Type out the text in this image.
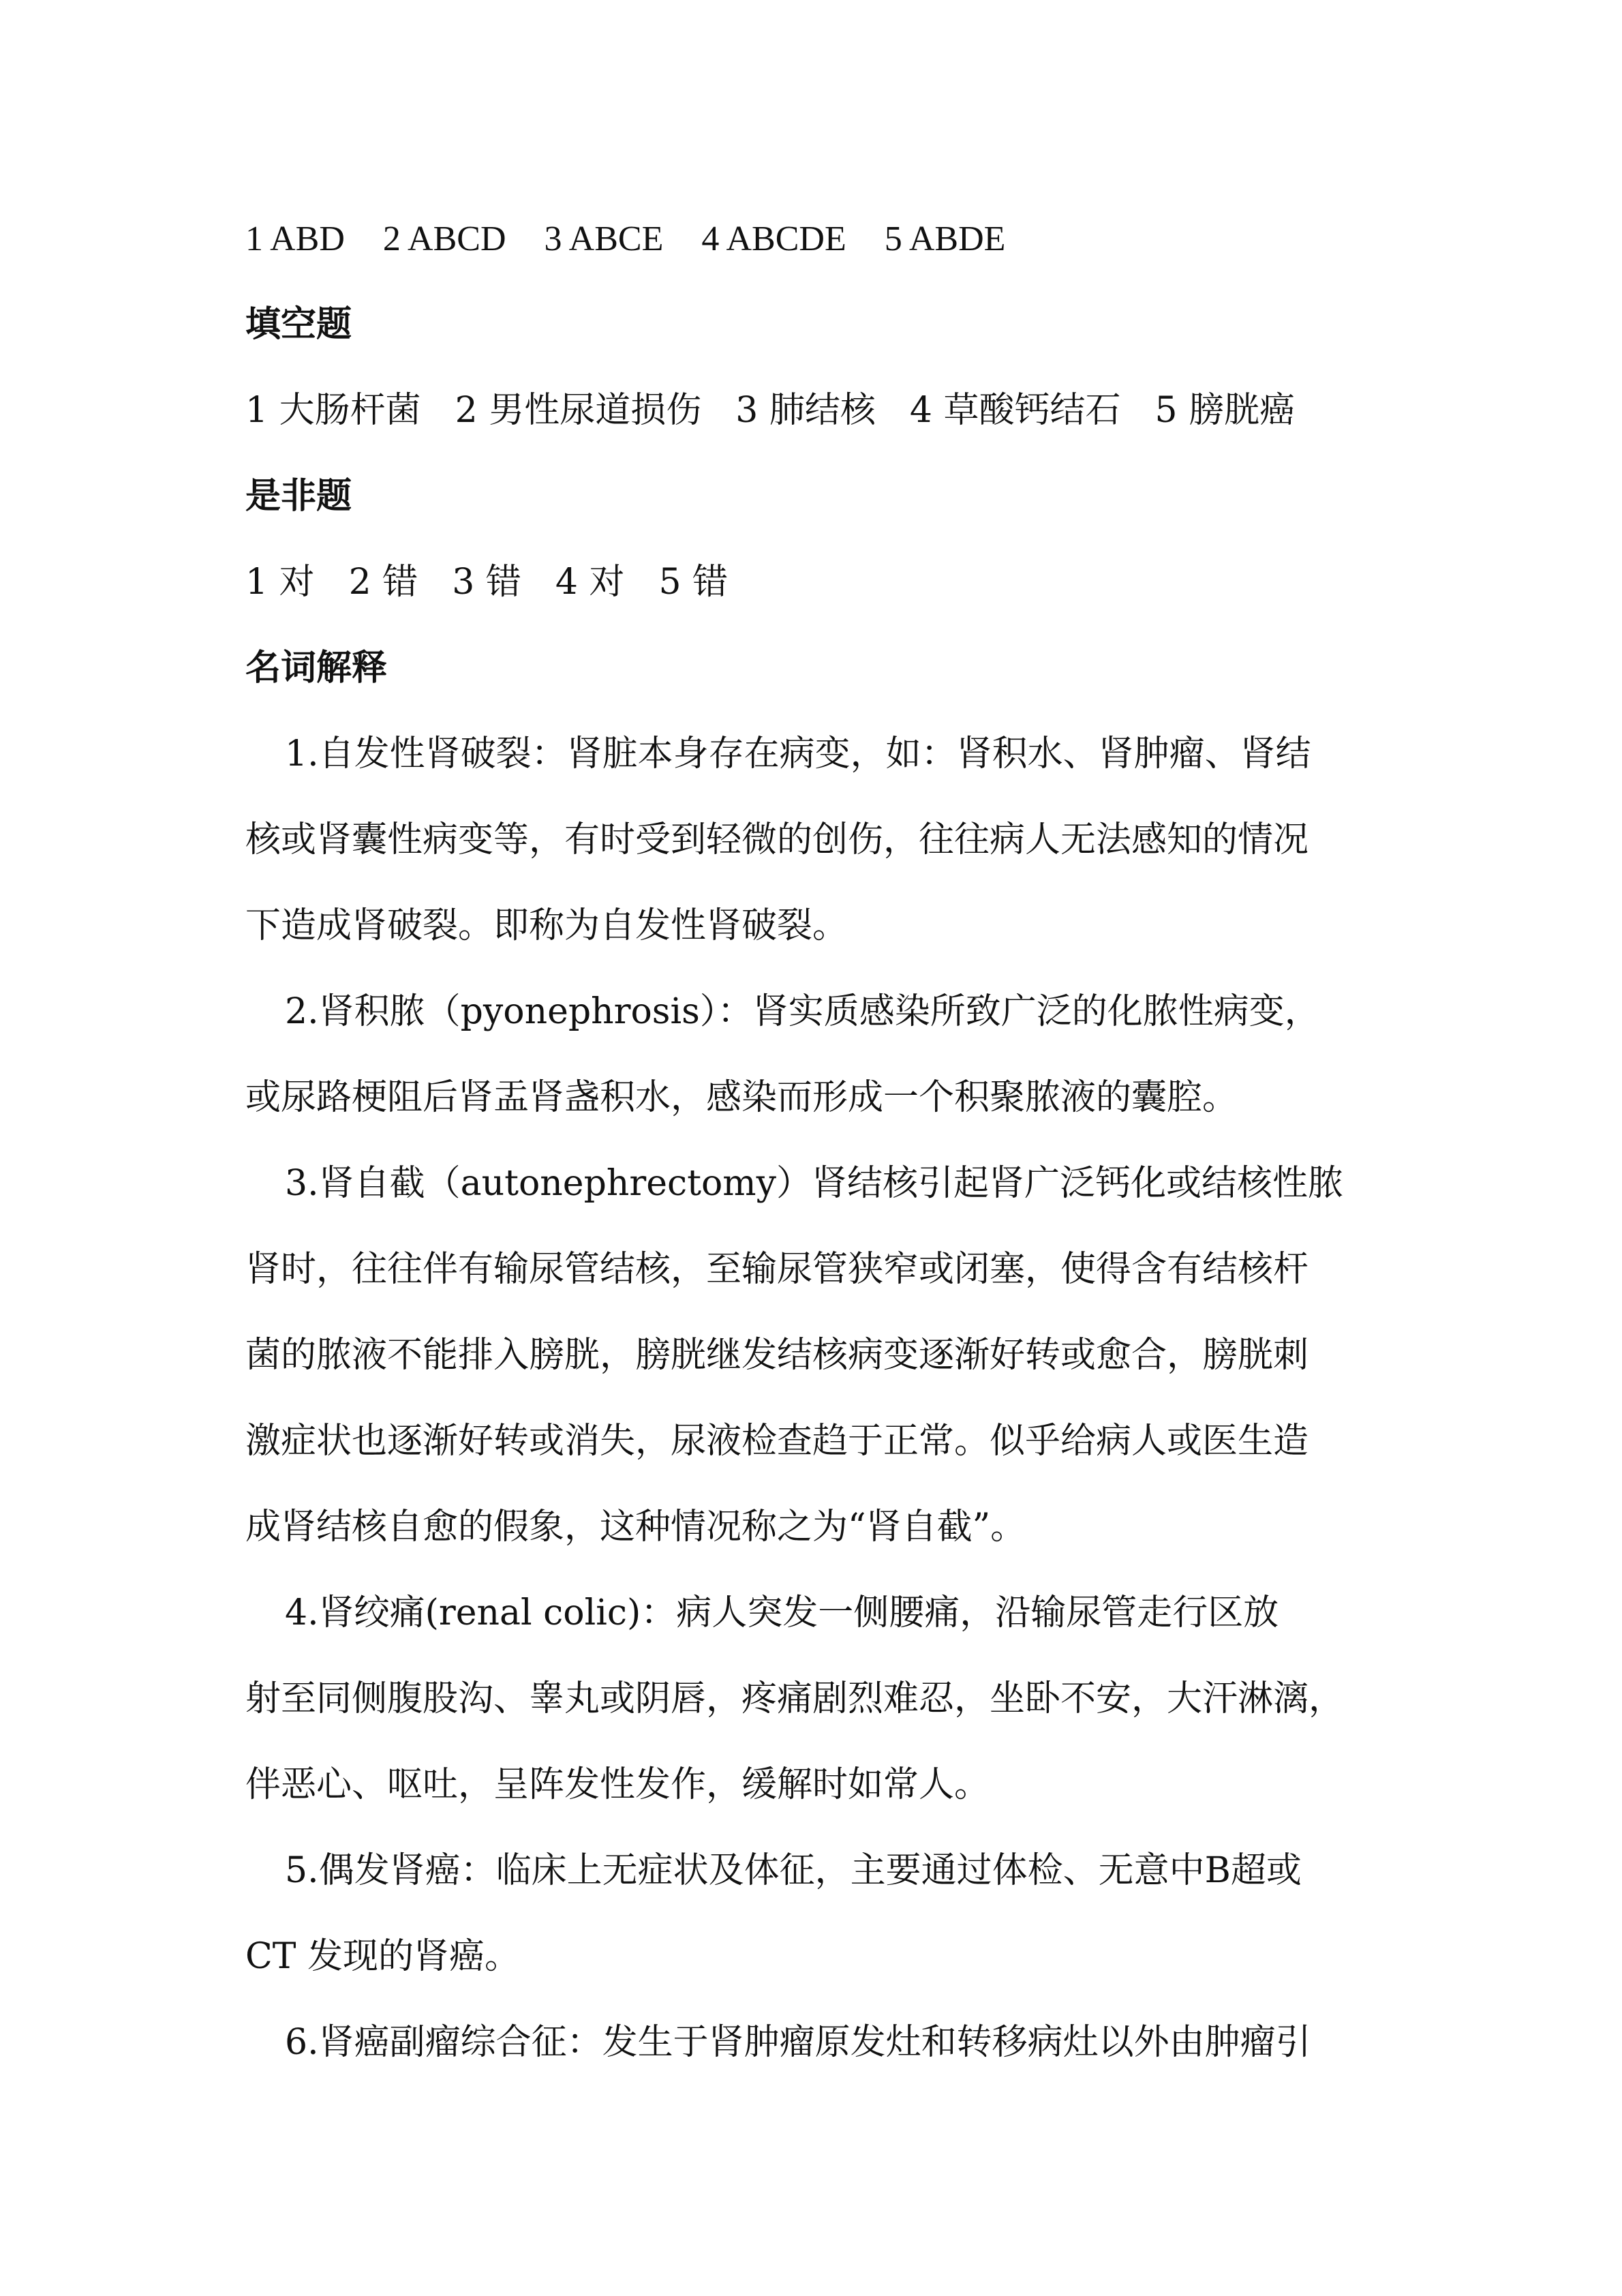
1 ABD 2 ABCD 3 ABCE 4 ABCDE 5 ABDE
填空题
1 大肠杆菌 2 男性尿道损伤 3 肺结核 4 草酸钙结石 5 膀胱癌
是非题
1 对 2 错 3 错 4 对 5 错
名词解释
1.自发性肾破裂：肾脏本身存在病变，如：肾积水、肾肿瘤、肾结
核或肾囊性病变等，有时受到轻微的创伤，往往病人无法感知的情况
下造成肾破裂。即称为自发性肾破裂。
2.肾积脓（pyonephrosis）：肾实质感染所致广泛的化脓性病变，
或尿路梗阻后肾盂肾盏积水，感染而形成一个积聚脓液的囊腔。
3.肾自截（autonephrectomy）肾结核引起肾广泛钙化或结核性脓
肾时，往往伴有输尿管结核，至输尿管狭窄或闭塞，使得含有结核杆
菌的脓液不能排入膀胱，膀胱继发结核病变逐渐好转或愈合，膀胱刺
激症状也逐渐好转或消失，尿液检查趋于正常。似乎给病人或医生造
成肾结核自愈的假象，这种情况称之为“肾自截”。
4.肾绞痛(renal colic)：病人突发一侧腰痛，沿输尿管走行区放
射至同侧腹股沟、睾丸或阴唇，疼痛剧烈难忍，坐卧不安，大汗淋漓，
伴恶心、呕吐，呈阵发性发作，缓解时如常人。
5.偶发肾癌：临床上无症状及体征，主要通过体检、无意中B超或
CT 发现的肾癌。
6.肾癌副瘤综合征：发生于肾肿瘤原发灶和转移病灶以外由肿瘤引
